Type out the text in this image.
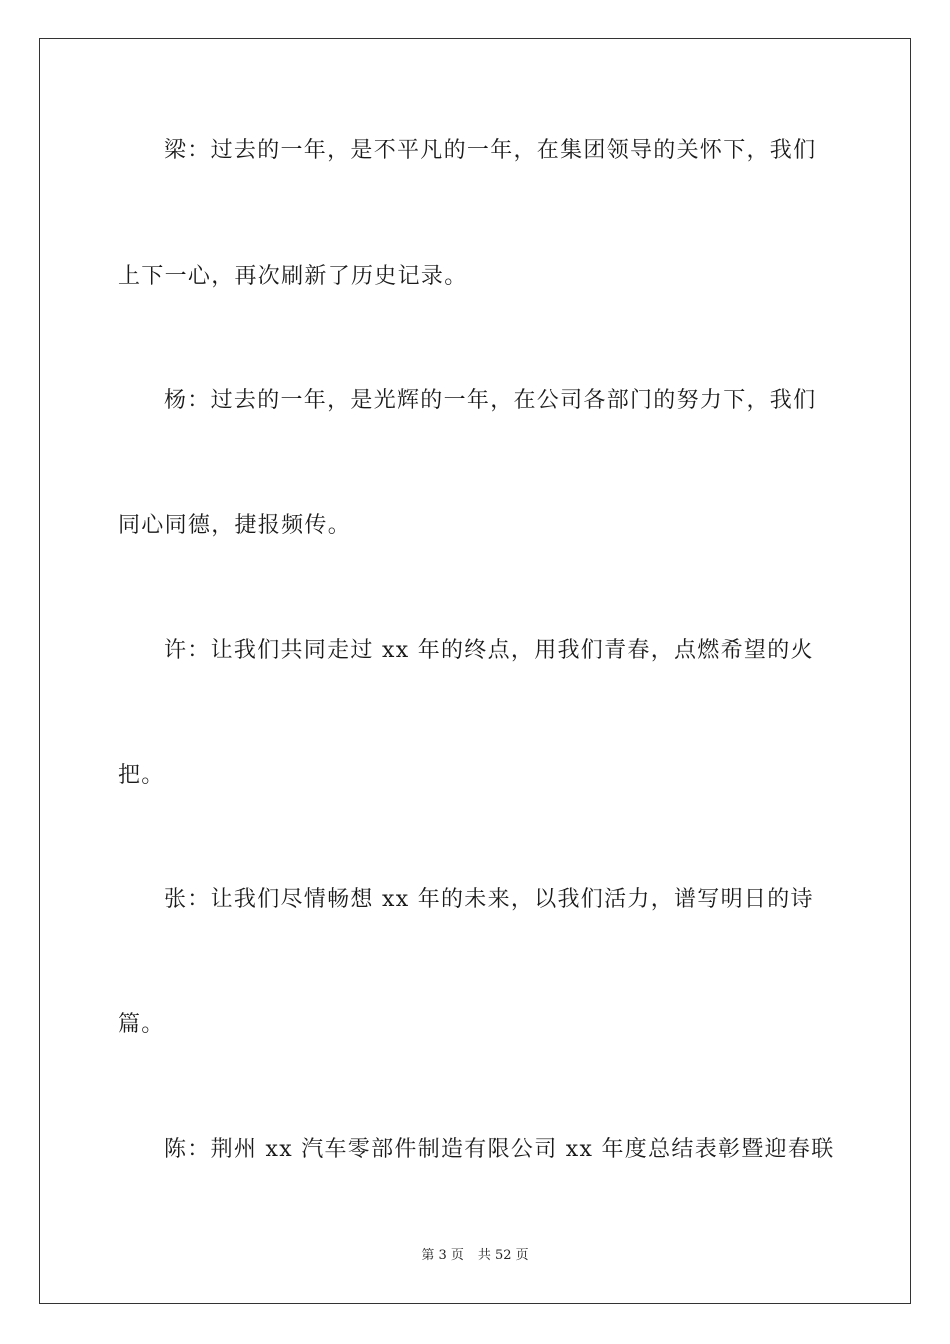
梁：过去的一年，是不平凡的一年，在集团领导的关怀下，我们
上下一心，再次刷新了历史记录。
杨：过去的一年，是光辉的一年，在公司各部门的努力下，我们
同心同德，捷报频传。
许：让我们共同走过 xx 年的终点，用我们青春，点燃希望的火
把。
张：让我们尽情畅想 xx 年的未来，以我们活力，谱写明日的诗
篇。
陈：荆州 xx 汽车零部件制造有限公司 xx 年度总结表彰暨迎春联
第 3 页 共 52 页
